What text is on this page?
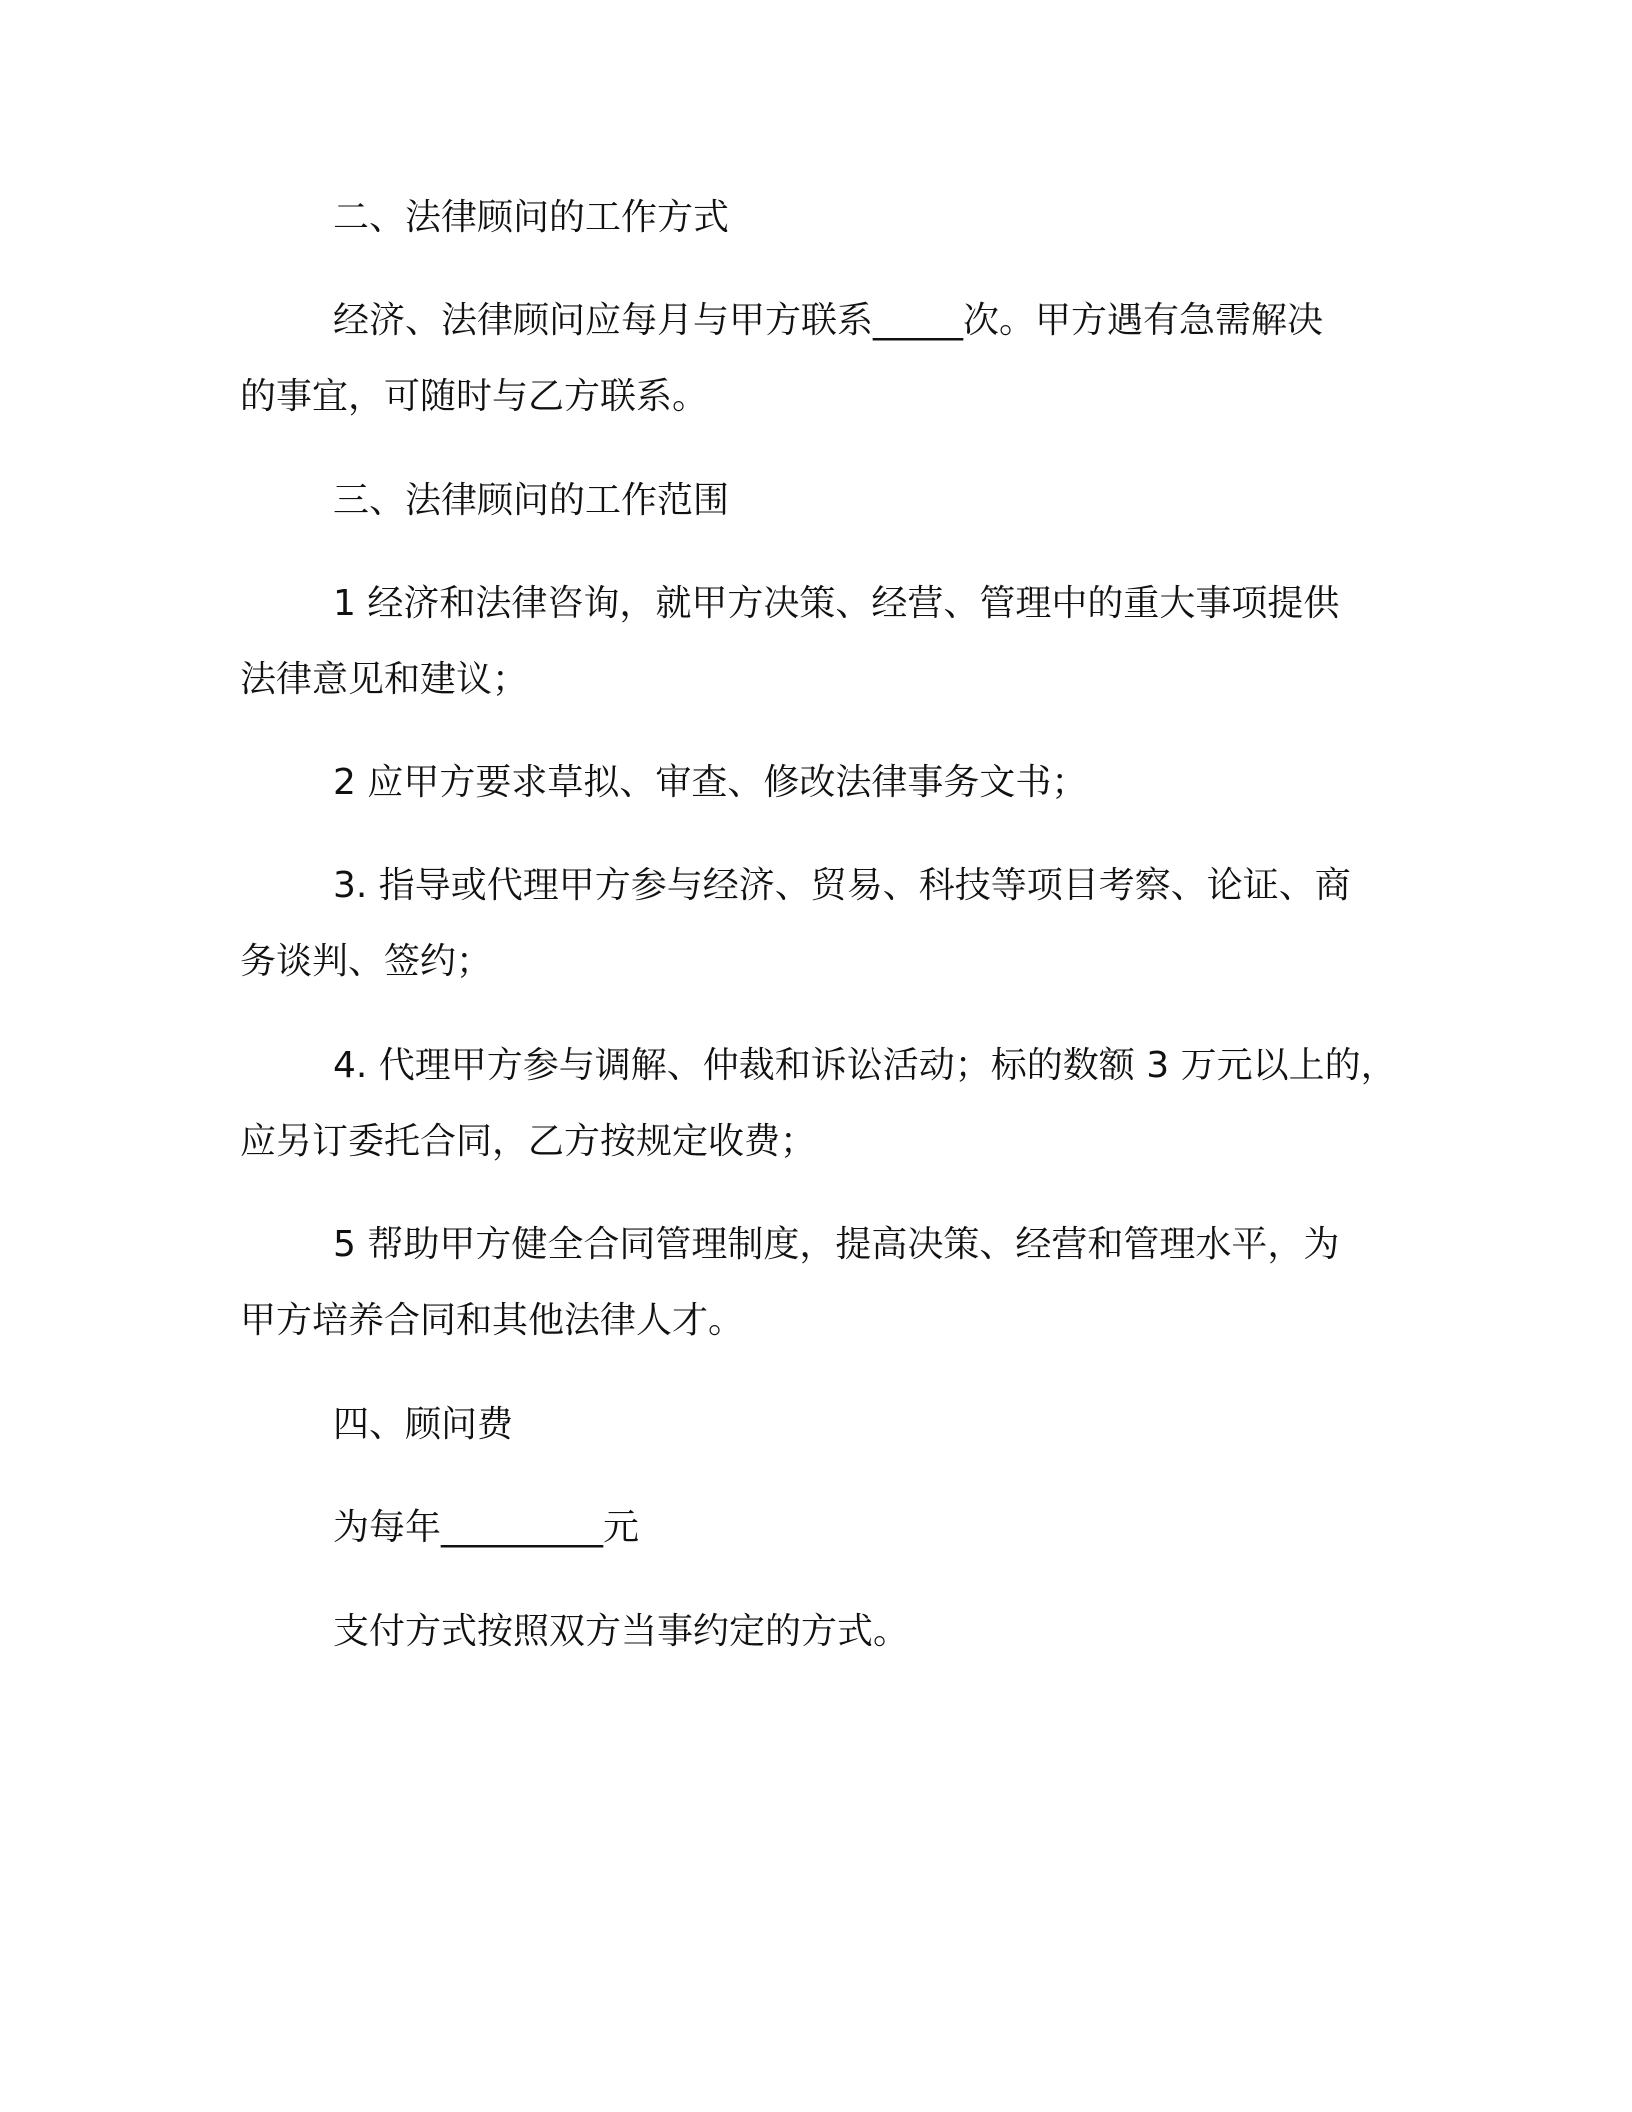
二、法律顾问的工作方式
经济、法律顾问应每月与甲方联系_____次。甲方遇有急需解决
的事宜，可随时与乙方联系。
三、法律顾问的工作范围
1 经济和法律咨询，就甲方决策、经营、管理中的重大事项提供
法律意见和建议；
2 应甲方要求草拟、审查、修改法律事务文书；
3. 指导或代理甲方参与经济、贸易、科技等项目考察、论证、商
务谈判、签约；
4. 代理甲方参与调解、仲裁和诉讼活动；标的数额 3 万元以上的，
应另订委托合同，乙方按规定收费；
5 帮助甲方健全合同管理制度，提高决策、经营和管理水平，为
甲方培养合同和其他法律人才。
四、顾问费
为每年_________元
支付方式按照双方当事约定的方式。
